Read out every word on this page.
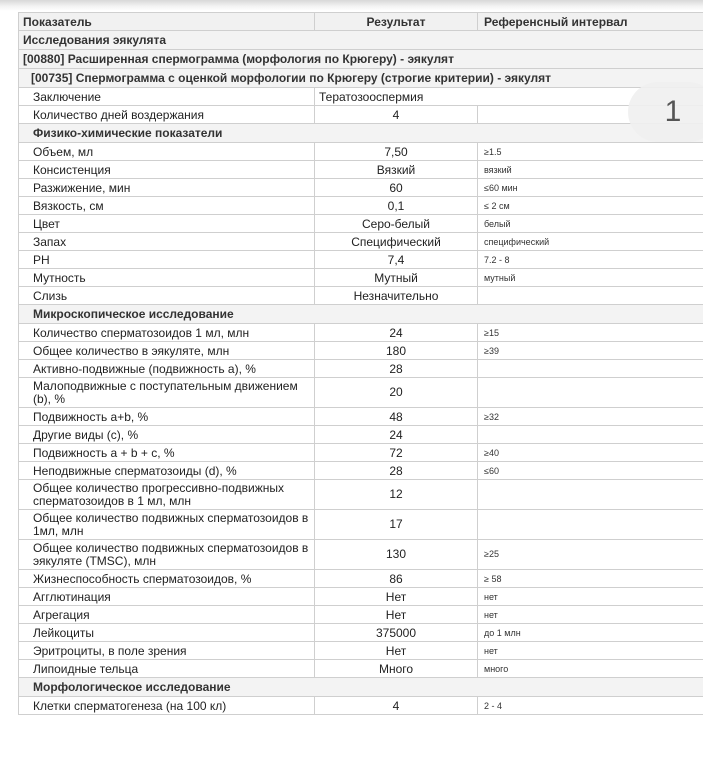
Показатель	Результат	Референсный интервал
Исследования эякулята		
[00880] Расширенная спермограмма (морфология по Крюгеру) - эякулят		
[00735] Спермограмма с оценкой морфологии по Крюгеру (строгие критерии) - эякулят		
Заключение	Тератозооспермия	
Количество дней воздержания	4	
Физико-химические показатели		
Объем, мл	7,50	≥1.5
Консистенция	Вязкий	вязкий
Разжижение, мин	60	≤60 мин
Вязкость, см	0,1	≤ 2 см
Цвет	Серо-белый	белый
Запах	Специфический	специфический
PH	7,4	7.2 - 8
Мутность	Мутный	мутный
Слизь	Незначительно	
Микроскопическое исследование		
Количество сперматозоидов 1 мл, млн	24	≥15
Общее количество в эякуляте, млн	180	≥39
Активно-подвижные (подвижность a), %	28	
Малоподвижные с поступательным движением (b), %	20	
Подвижность a+b, %	48	≥32
Другие виды (c), %	24	
Подвижность a + b + c, %	72	≥40
Неподвижные сперматозоиды (d), %	28	≤60
Общее количество прогрессивно-подвижных сперматозоидов в 1 мл, млн	12	
Общее количество подвижных сперматозоидов в 1мл, млн	17	
Общее количество подвижных сперматозоидов в эякуляте (TMSC), млн	130	≥25
Жизнеспособность сперматозоидов, %	86	≥ 58
Агглютинация	Нет	нет
Агрегация	Нет	нет
Лейкоциты	375000	до 1 млн
Эритроциты, в поле зрения	Нет	нет
Липоидные тельца	Много	много
Морфологическое исследование		
Клетки сперматогенеза (на 100 кл)	4	2 - 4
1
